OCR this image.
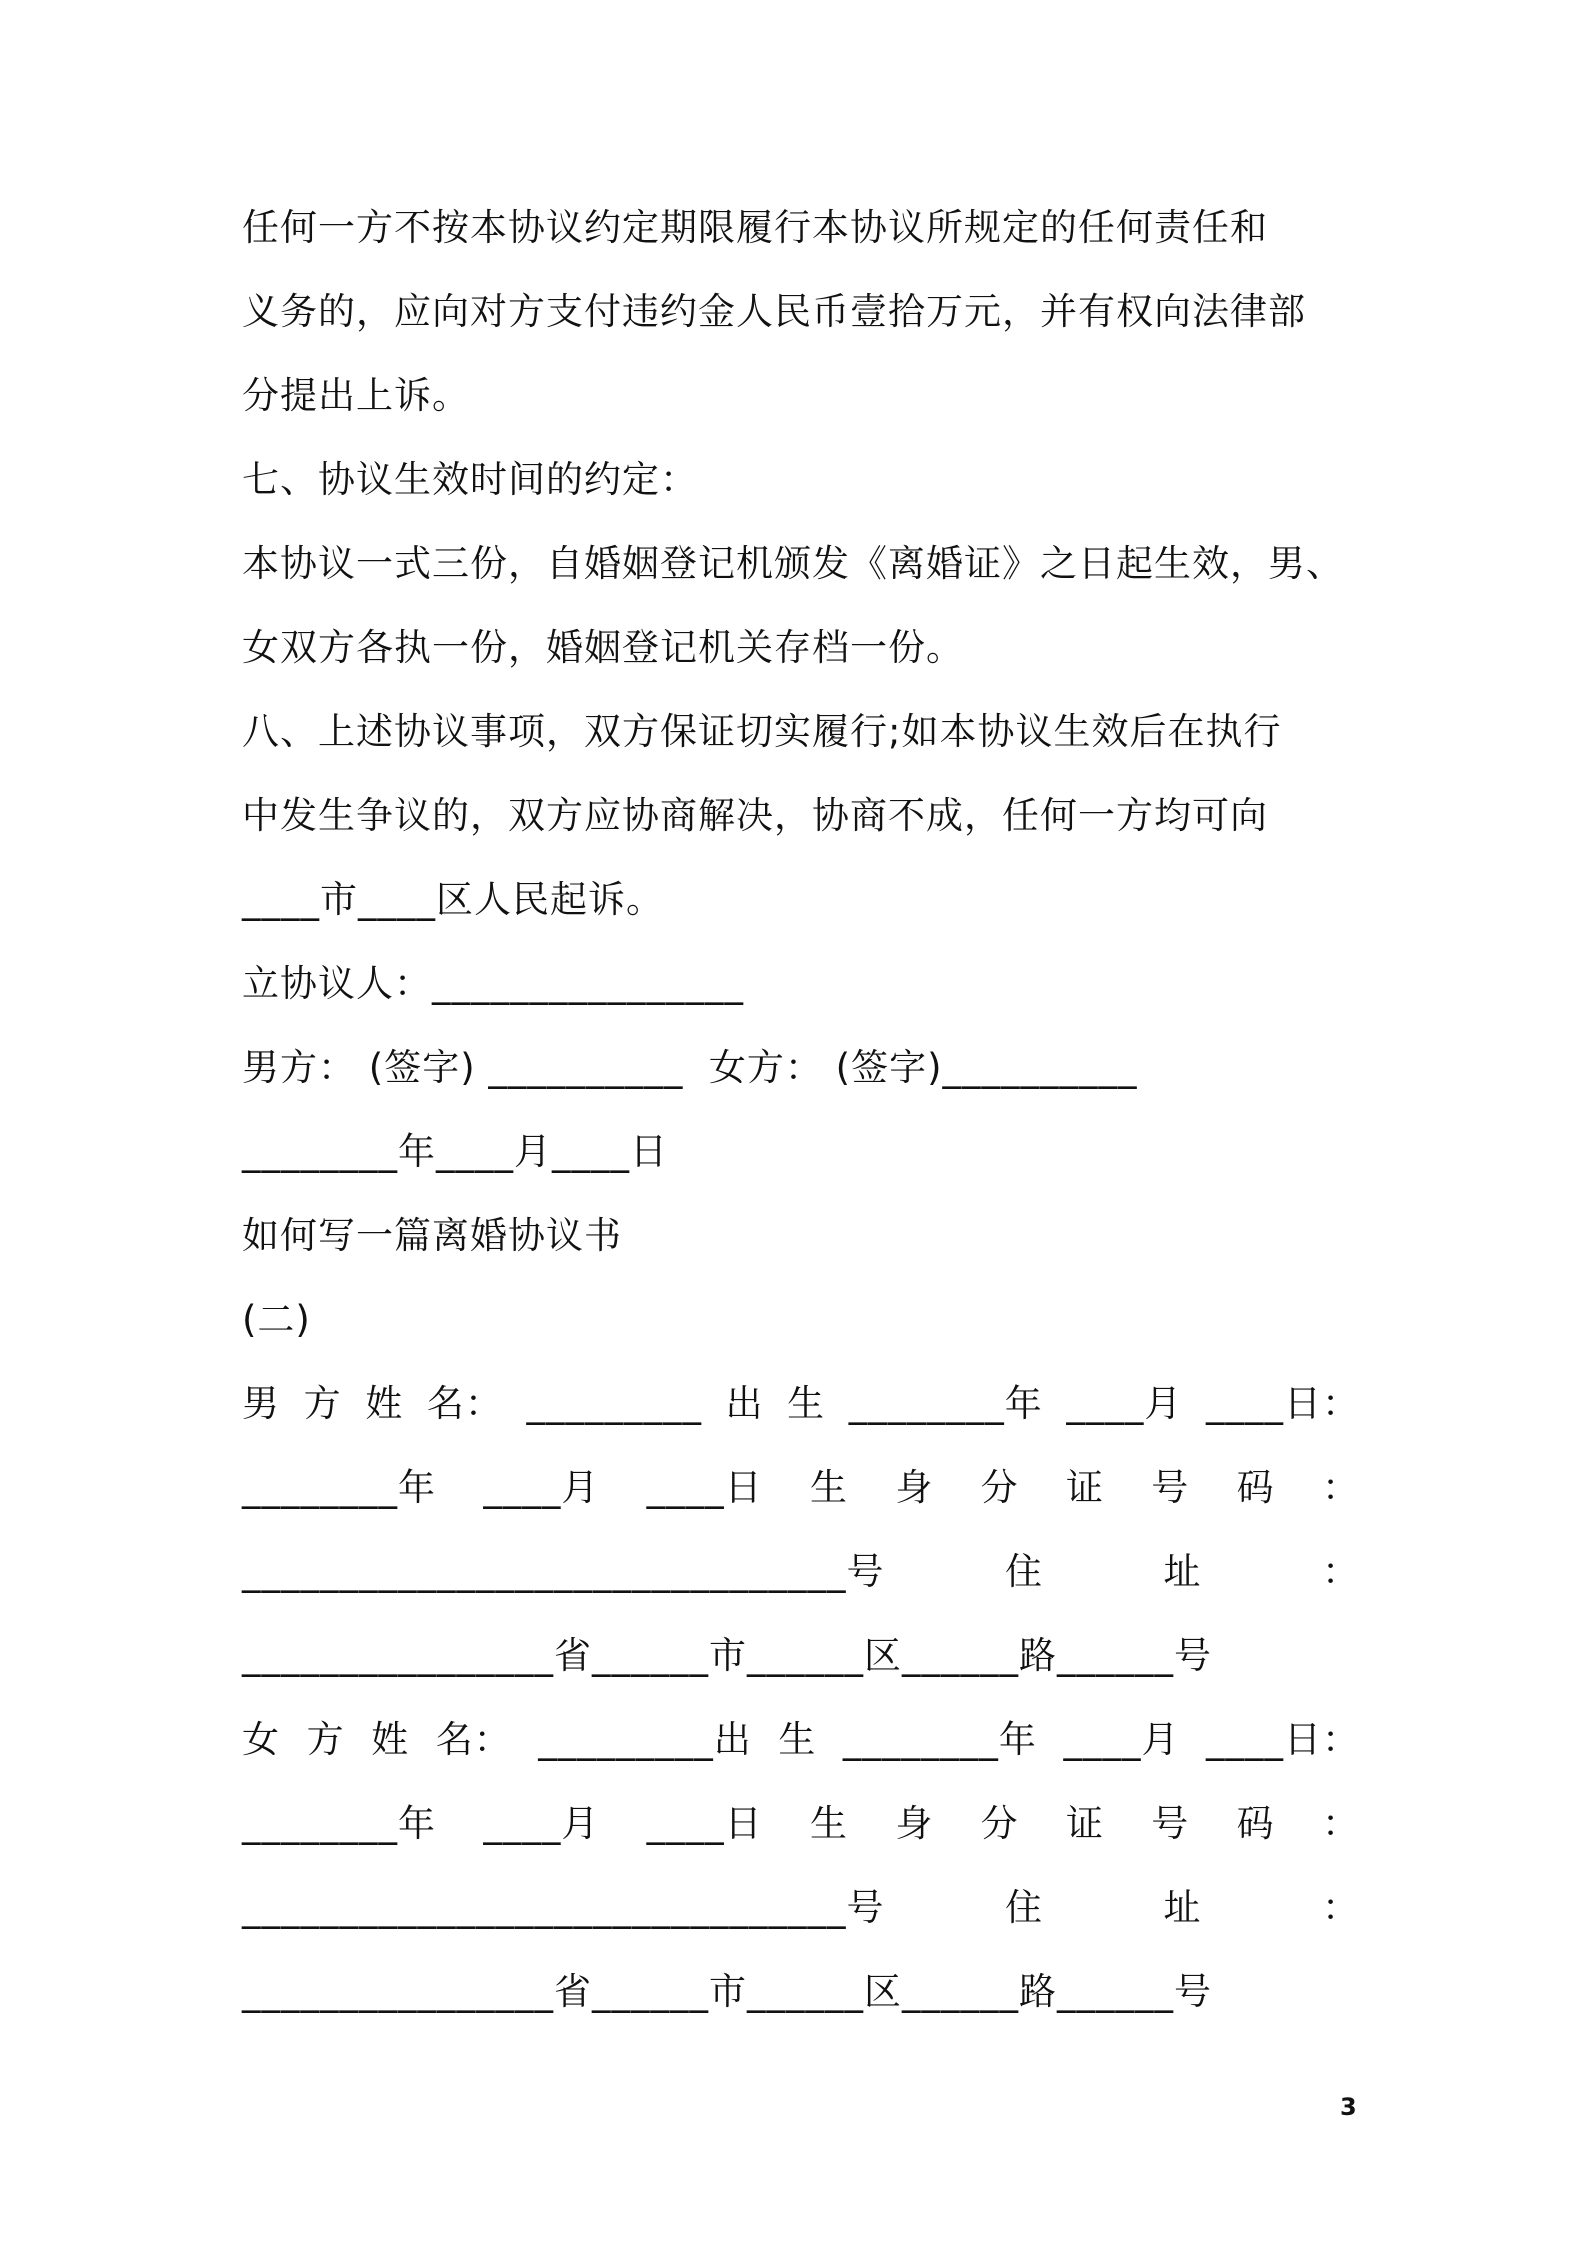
任何一方不按本协议约定期限履行本协议所规定的任何责任和
义务的，应向对方支付违约金人民币壹拾万元，并有权向法律部
分提出上诉。
七、协议生效时间的约定：
本协议一式三份，自婚姻登记机颁发《离婚证》之日起生效，男、
女双方各执一份，婚姻登记机关存档一份。
八、上述协议事项，双方保证切实履行;如本协议生效后在执行
中发生争议的，双方应协商解决，协商不成，任何一方均可向
____市____区人民起诉。
立协议人：________________
男方： (签字) __________  女方： (签字)__________
________年____月____日
如何写一篇离婚协议书
(二)
男 方 姓 名： _________ 出 生 ________年 ____月 ____日：
________年 ____月 ____日 生 身 分 证 号 码 ：
_______________________________号	住	址	：
________________省______市______区______路______号
女 方 姓 名： _________出 生 ________年 ____月 ____日：
________年 ____月 ____日 生 身 分 证 号 码 ：
_______________________________号	住	址	：
________________省______市______区______路______号
3
